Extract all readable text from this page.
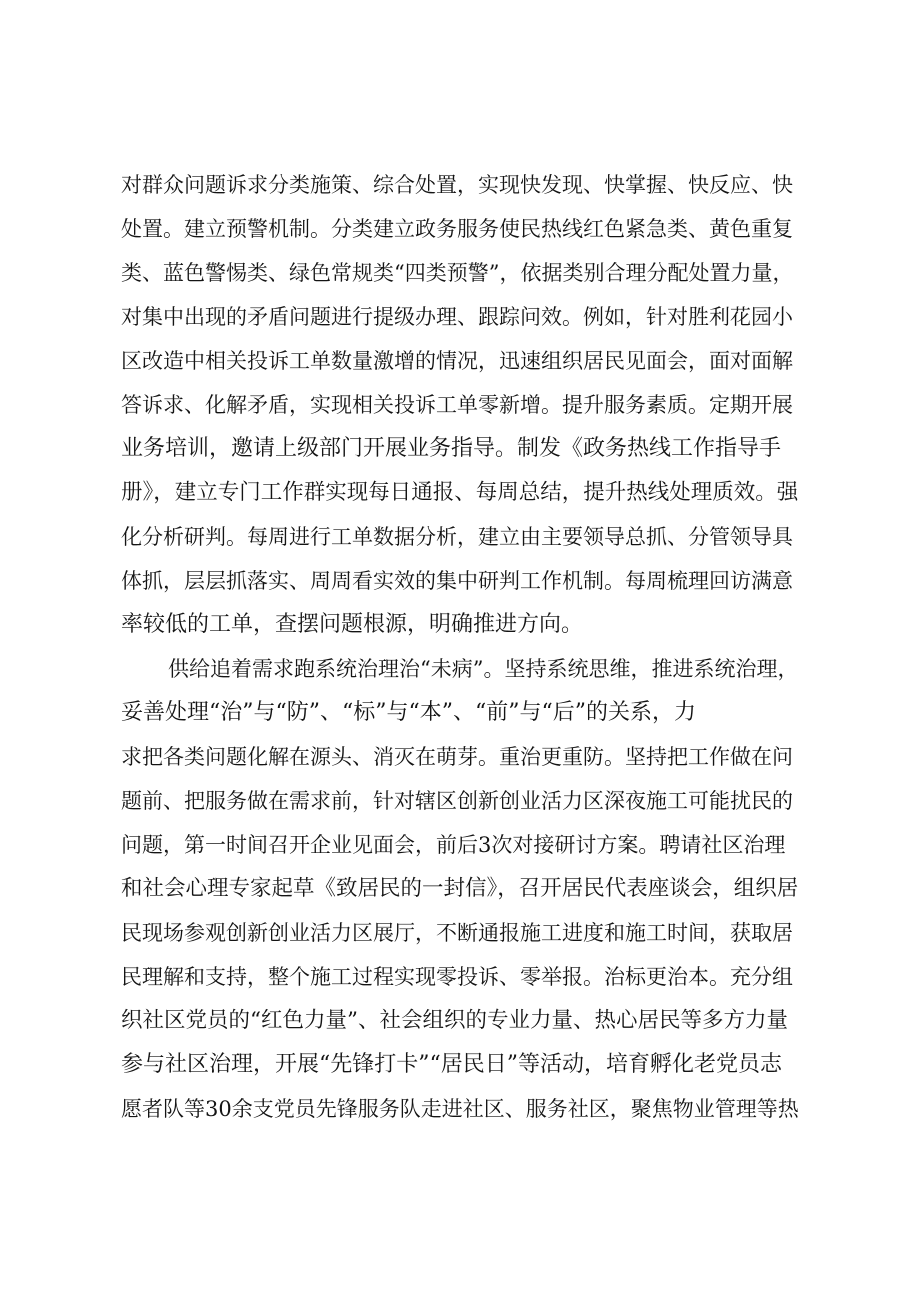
对群众问题诉求分类施策、综合处置，实现快发现、快掌握、快反应、快
处置。建立预警机制。分类建立政务服务使民热线红色紧急类、黄色重复
类、蓝色警惕类、绿色常规类“四类预警”，依据类别合理分配处置力量，
对集中出现的矛盾问题进行提级办理、跟踪问效。例如，针对胜利花园小
区改造中相关投诉工单数量激增的情况，迅速组织居民见面会，面对面解
答诉求、化解矛盾，实现相关投诉工单零新增。提升服务素质。定期开展
业务培训，邀请上级部门开展业务指导。制发《政务热线工作指导手
册》，建立专门工作群实现每日通报、每周总结，提升热线处理质效。强
化分析研判。每周进行工单数据分析，建立由主要领导总抓、分管领导具
体抓，层层抓落实、周周看实效的集中研判工作机制。每周梳理回访满意
率较低的工单，查摆问题根源，明确推进方向。
供给追着需求跑系统治理治“未病”。坚持系统思维，推进系统治理，
妥善处理“治”与“防”、“标”与“本”、“前”与“后”的关系，力
求把各类问题化解在源头、消灭在萌芽。重治更重防。坚持把工作做在问
题前、把服务做在需求前，针对辖区创新创业活力区深夜施工可能扰民的
问题，第一时间召开企业见面会，前后3次对接研讨方案。聘请社区治理
和社会心理专家起草《致居民的一封信》，召开居民代表座谈会，组织居
民现场参观创新创业活力区展厅，不断通报施工进度和施工时间，获取居
民理解和支持，整个施工过程实现零投诉、零举报。治标更治本。充分组
织社区党员的“红色力量”、社会组织的专业力量、热心居民等多方力量
参与社区治理，开展“先锋打卡”“居民日”等活动，培育孵化老党员志
愿者队等30余支党员先锋服务队走进社区、服务社区，聚焦物业管理等热
